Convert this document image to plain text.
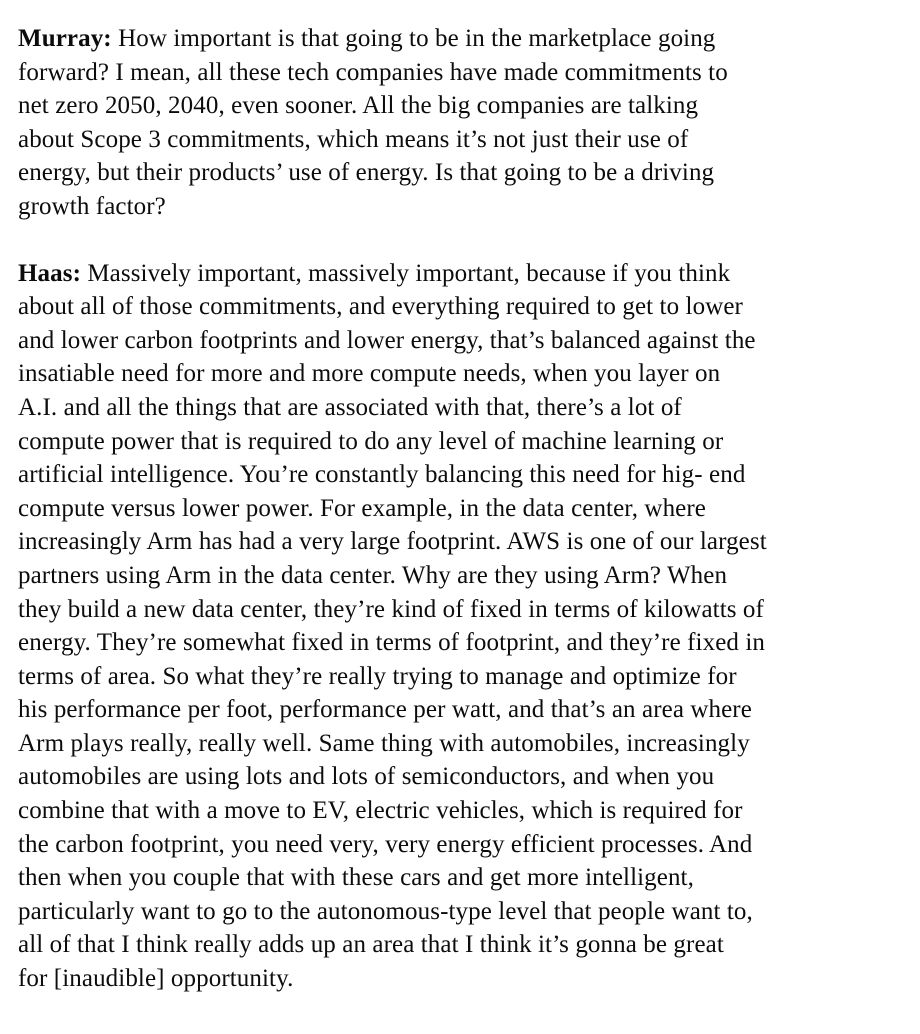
Murray: How important is that going to be in the marketplace going
forward? I mean, all these tech companies have made commitments to
net zero 2050, 2040, even sooner. All the big companies are talking
about Scope 3 commitments, which means it’s not just their use of
energy, but their products’ use of energy. Is that going to be a driving
growth factor?

Haas: Massively important, massively important, because if you think
about all of those commitments, and everything required to get to lower
and lower carbon footprints and lower energy, that’s balanced against the
insatiable need for more and more compute needs, when you layer on
A.I. and all the things that are associated with that, there’s a lot of
compute power that is required to do any level of machine learning or
artificial intelligence. You’re constantly balancing this need for hig- end
compute versus lower power. For example, in the data center, where
increasingly Arm has had a very large footprint. AWS is one of our largest
partners using Arm in the data center. Why are they using Arm? When
they build a new data center, they’re kind of fixed in terms of kilowatts of
energy. They’re somewhat fixed in terms of footprint, and they’re fixed in
terms of area. So what they’re really trying to manage and optimize for
his performance per foot, performance per watt, and that’s an area where
Arm plays really, really well. Same thing with automobiles, increasingly
automobiles are using lots and lots of semiconductors, and when you
combine that with a move to EV, electric vehicles, which is required for
the carbon footprint, you need very, very energy efficient processes. And
then when you couple that with these cars and get more intelligent,
particularly want to go to the autonomous-type level that people want to,
all of that I think really adds up an area that I think it’s gonna be great
for [inaudible] opportunity.
